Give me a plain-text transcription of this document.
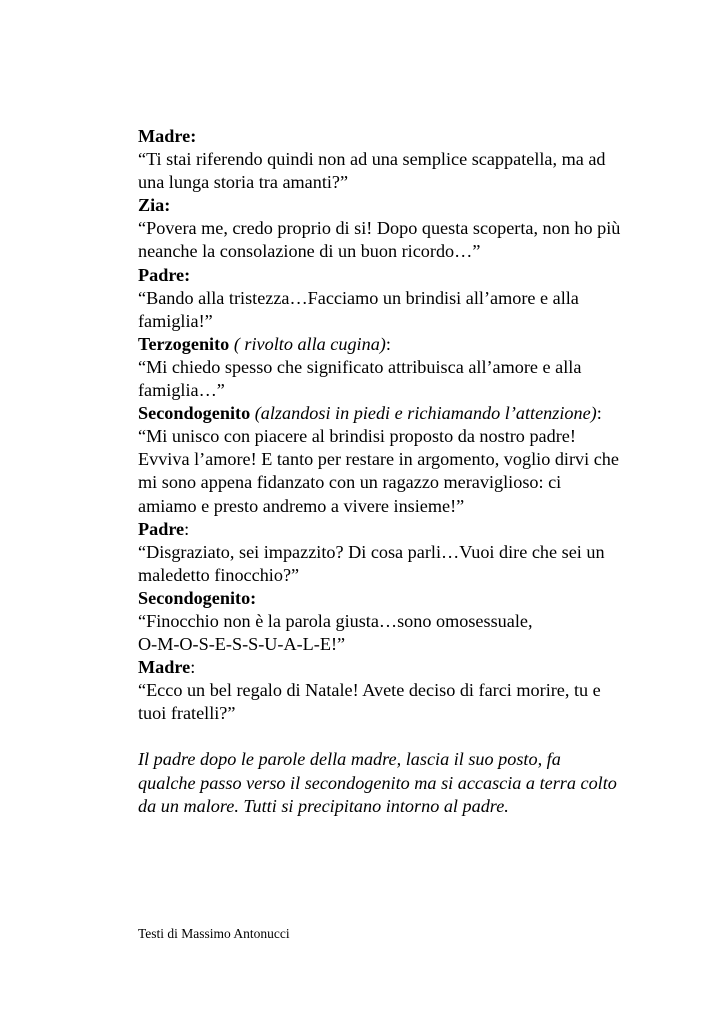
Madre:
“Ti stai riferendo quindi non ad una semplice scappatella, ma ad
una lunga storia tra amanti?”
Zia:
“Povera me, credo proprio di si! Dopo questa scoperta, non ho più
neanche la consolazione di un buon ricordo…”
Padre:
“Bando alla tristezza…Facciamo un brindisi all’amore e alla
famiglia!”
Terzogenito ( rivolto alla cugina):
“Mi chiedo spesso che significato attribuisca all’amore e alla
famiglia…”
Secondogenito (alzandosi in piedi e richiamando l’attenzione):
“Mi unisco con piacere al brindisi proposto da nostro padre!
Evviva l’amore! E tanto per restare in argomento, voglio dirvi che
mi sono appena fidanzato con un ragazzo meraviglioso: ci
amiamo e presto andremo a vivere insieme!”
Padre:
“Disgraziato, sei impazzito? Di cosa parli…Vuoi dire che sei un
maledetto finocchio?”
Secondogenito:
“Finocchio non è la parola giusta…sono omosessuale,
O-M-O-S-E-S-S-U-A-L-E!”
Madre:
“Ecco un bel regalo di Natale! Avete deciso di farci morire, tu e
tuoi fratelli?”
Il padre dopo le parole della madre, lascia il suo posto, fa
qualche passo verso il secondogenito ma si accascia a terra colto
da un malore. Tutti si precipitano intorno al padre.
Testi di Massimo Antonucci
